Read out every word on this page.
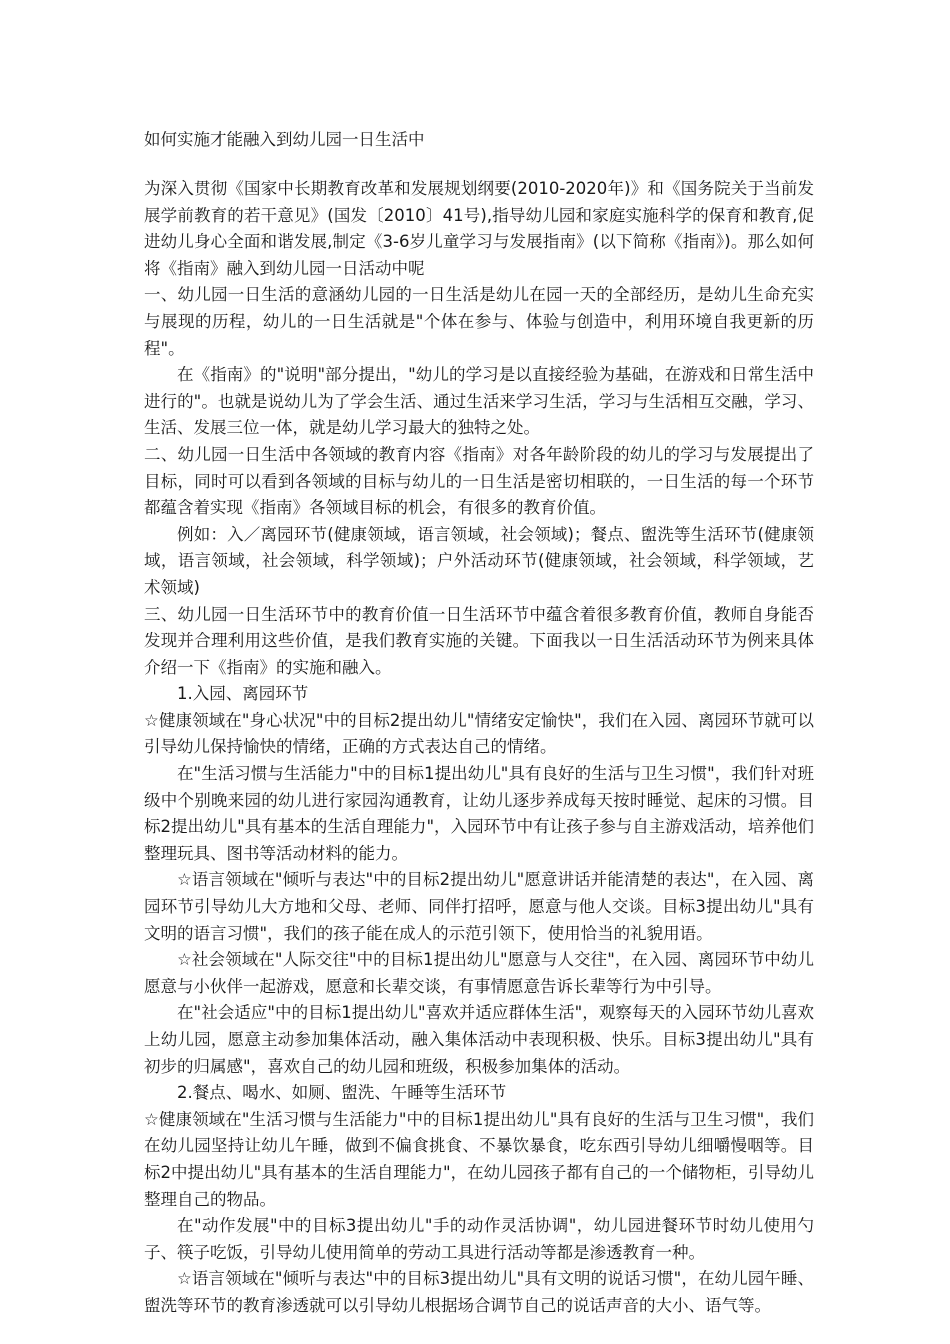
如何实施才能融入到幼儿园一日生活中

为深入贯彻《国家中长期教育改革和发展规划纲要(2010-2020年)》和《国务院关于当前发展学前教育的若干意见》(国发〔2010〕41号),指导幼儿园和家庭实施科学的保育和教育,促进幼儿身心全面和谐发展,制定《3-6岁儿童学习与发展指南》(以下简称《指南》)。那么如何将《指南》融入到幼儿园一日活动中呢

一、幼儿园一日生活的意涵幼儿园的一日生活是幼儿在园一天的全部经历，是幼儿生命充实与展现的历程，幼儿的一日生活就是"个体在参与、体验与创造中，利用环境自我更新的历程"。

在《指南》的"说明"部分提出，"幼儿的学习是以直接经验为基础，在游戏和日常生活中进行的"。也就是说幼儿为了学会生活、通过生活来学习生活，学习与生活相互交融，学习、生活、发展三位一体，就是幼儿学习最大的独特之处。

二、幼儿园一日生活中各领域的教育内容《指南》对各年龄阶段的幼儿的学习与发展提出了目标，同时可以看到各领域的目标与幼儿的一日生活是密切相联的，一日生活的每一个环节都蕴含着实现《指南》各领域目标的机会，有很多的教育价值。

例如：入／离园环节(健康领域，语言领域，社会领域)；餐点、盥洗等生活环节(健康领域，语言领域，社会领域，科学领域)；户外活动环节(健康领域，社会领域，科学领域，艺术领域)

三、幼儿园一日生活环节中的教育价值一日生活环节中蕴含着很多教育价值，教师自身能否发现并合理利用这些价值，是我们教育实施的关键。下面我以一日生活活动环节为例来具体介绍一下《指南》的实施和融入。

1.入园、离园环节

☆健康领域在"身心状况"中的目标2提出幼儿"情绪安定愉快"，我们在入园、离园环节就可以引导幼儿保持愉快的情绪，正确的方式表达自己的情绪。

在"生活习惯与生活能力"中的目标1提出幼儿"具有良好的生活与卫生习惯"，我们针对班级中个别晚来园的幼儿进行家园沟通教育，让幼儿逐步养成每天按时睡觉、起床的习惯。目标2提出幼儿"具有基本的生活自理能力"，入园环节中有让孩子参与自主游戏活动，培养他们整理玩具、图书等活动材料的能力。

☆语言领域在"倾听与表达"中的目标2提出幼儿"愿意讲话并能清楚的表达"，在入园、离园环节引导幼儿大方地和父母、老师、同伴打招呼，愿意与他人交谈。目标3提出幼儿"具有文明的语言习惯"，我们的孩子能在成人的示范引领下，使用恰当的礼貌用语。

☆社会领域在"人际交往"中的目标1提出幼儿"愿意与人交往"，在入园、离园环节中幼儿愿意与小伙伴一起游戏，愿意和长辈交谈，有事情愿意告诉长辈等行为中引导。

在"社会适应"中的目标1提出幼儿"喜欢并适应群体生活"，观察每天的入园环节幼儿喜欢上幼儿园，愿意主动参加集体活动，融入集体活动中表现积极、快乐。目标3提出幼儿"具有初步的归属感"，喜欢自己的幼儿园和班级，积极参加集体的活动。

2.餐点、喝水、如厕、盥洗、午睡等生活环节

☆健康领域在"生活习惯与生活能力"中的目标1提出幼儿"具有良好的生活与卫生习惯"，我们在幼儿园坚持让幼儿午睡，做到不偏食挑食、不暴饮暴食，吃东西引导幼儿细嚼慢咽等。目标2中提出幼儿"具有基本的生活自理能力"，在幼儿园孩子都有自己的一个储物柜，引导幼儿整理自己的物品。

在"动作发展"中的目标3提出幼儿"手的动作灵活协调"，幼儿园进餐环节时幼儿使用勺子、筷子吃饭，引导幼儿使用简单的劳动工具进行活动等都是渗透教育一种。

☆语言领域在"倾听与表达"中的目标3提出幼儿"具有文明的说话习惯"，在幼儿园午睡、盥洗等环节的教育渗透就可以引导幼儿根据场合调节自己的说话声音的大小、语气等。
